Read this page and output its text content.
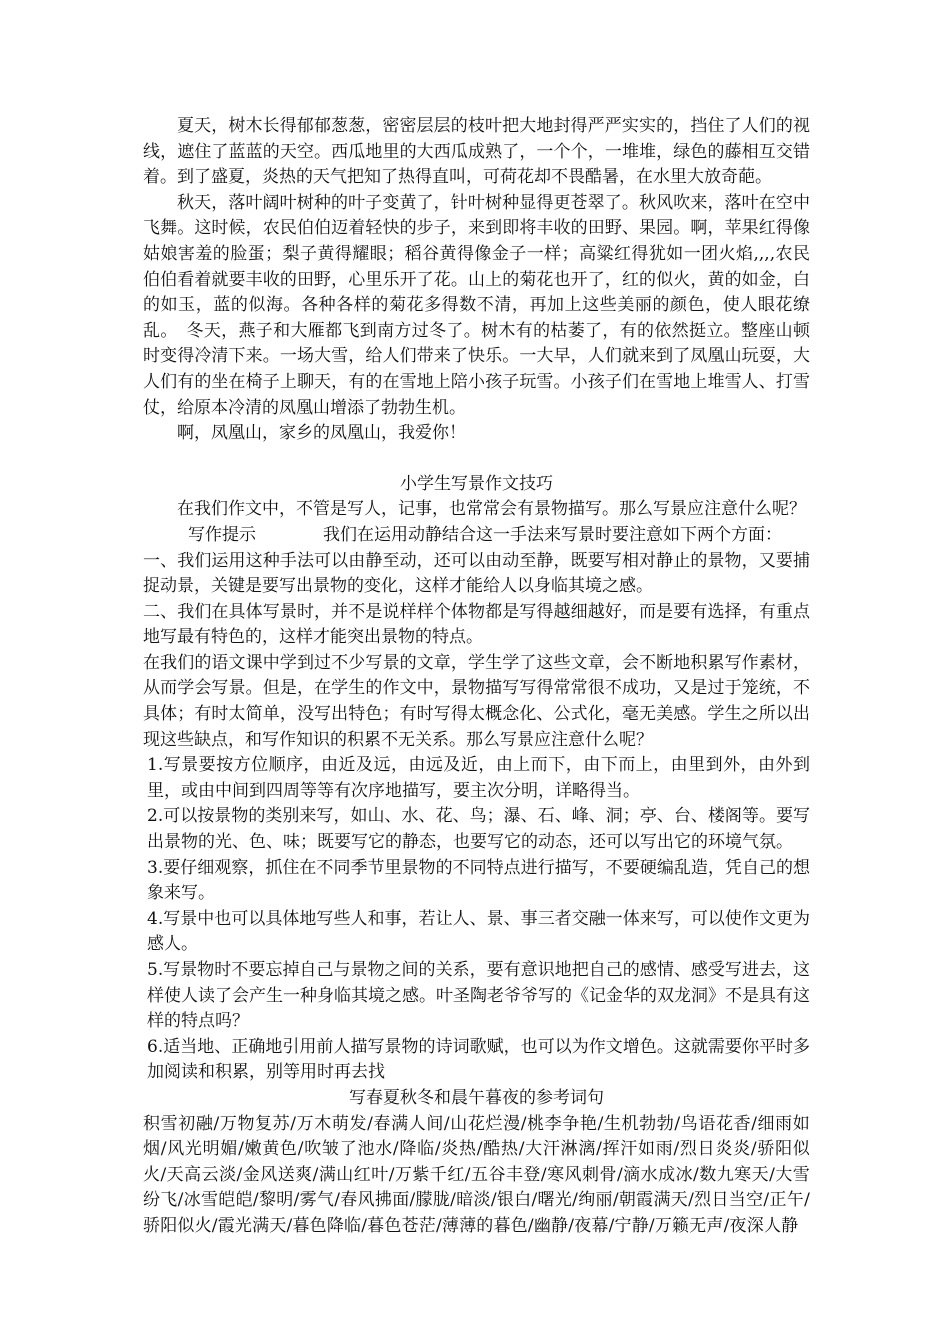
夏天，树木长得郁郁葱葱，密密层层的枝叶把大地封得严严实实的，挡住了人们的视线，遮住了蓝蓝的天空。西瓜地里的大西瓜成熟了，一个个，一堆堆，绿色的藤相互交错着。到了盛夏，炎热的天气把知了热得直叫，可荷花却不畏酷暑，在水里大放奇葩。

秋天，落叶阔叶树种的叶子变黄了，针叶树种显得更苍翠了。秋风吹来，落叶在空中飞舞。这时候，农民伯伯迈着轻快的步子，来到即将丰收的田野、果园。啊，苹果红得像姑娘害羞的脸蛋；梨子黄得耀眼；稻谷黄得像金子一样；高粱红得犹如一团火焰,,,,农民伯伯看着就要丰收的田野，心里乐开了花。山上的菊花也开了，红的似火，黄的如金，白的如玉，蓝的似海。各种各样的菊花多得数不清，再加上这些美丽的颜色，使人眼花缭乱。　冬天，燕子和大雁都飞到南方过冬了。树木有的枯萎了，有的依然挺立。整座山顿时变得冷清下来。一场大雪，给人们带来了快乐。一大早，人们就来到了凤凰山玩耍，大人们有的坐在椅子上聊天，有的在雪地上陪小孩子玩雪。小孩子们在雪地上堆雪人、打雪仗，给原本冷清的凤凰山增添了勃勃生机。

啊，凤凰山，家乡的凤凰山，我爱你！

小学生写景作文技巧

在我们作文中，不管是写人，记事，也常常会有景物描写。那么写景应注意什么呢？

写作提示	我们在运用动静结合这一手法来写景时要注意如下两个方面：

一、我们运用这种手法可以由静至动，还可以由动至静，既要写相对静止的景物，又要捕捉动景，关键是要写出景物的变化，这样才能给人以身临其境之感。

二、我们在具体写景时，并不是说样样个体物都是写得越细越好，而是要有选择，有重点地写最有特色的，这样才能突出景物的特点。

在我们的语文课中学到过不少写景的文章，学生学了这些文章，会不断地积累写作素材，从而学会写景。但是，在学生的作文中，景物描写写得常常很不成功，又是过于笼统，不具体；有时太简单，没写出特色；有时写得太概念化、公式化，毫无美感。学生之所以出现这些缺点，和写作知识的积累不无关系。那么写景应注意什么呢？

1.写景要按方位顺序，由近及远，由远及近，由上而下，由下而上，由里到外，由外到里，或由中间到四周等等有次序地描写，要主次分明，详略得当。

2.可以按景物的类别来写，如山、水、花、鸟；瀑、石、峰、洞；亭、台、楼阁等。要写出景物的光、色、味；既要写它的静态，也要写它的动态，还可以写出它的环境气氛。

3.要仔细观察，抓住在不同季节里景物的不同特点进行描写，不要硬编乱造，凭自己的想象来写。

4.写景中也可以具体地写些人和事，若让人、景、事三者交融一体来写，可以使作文更为感人。

5.写景物时不要忘掉自己与景物之间的关系，要有意识地把自己的感情、感受写进去，这样使人读了会产生一种身临其境之感。叶圣陶老爷爷写的《记金华的双龙洞》不是具有这样的特点吗？

6.适当地、正确地引用前人描写景物的诗词歌赋，也可以为作文增色。这就需要你平时多加阅读和积累，别等用时再去找

写春夏秋冬和晨午暮夜的参考词句

积雪初融/万物复苏/万木萌发/春满人间/山花烂漫/桃李争艳/生机勃勃/鸟语花香/细雨如烟/风光明媚/嫩黄色/吹皱了池水/降临/炎热/酷热/大汗淋漓/挥汗如雨/烈日炎炎/骄阳似火/天高云淡/金风送爽/满山红叶/万紫千红/五谷丰登/寒风刺骨/滴水成冰/数九寒天/大雪纷飞/冰雪皑皑/黎明/雾气/春风拂面/朦胧/暗淡/银白/曙光/绚丽/朝霞满天/烈日当空/正午/骄阳似火/霞光满天/暮色降临/暮色苍茫/薄薄的暮色/幽静/夜幕/宁静/万籁无声/夜深人静
